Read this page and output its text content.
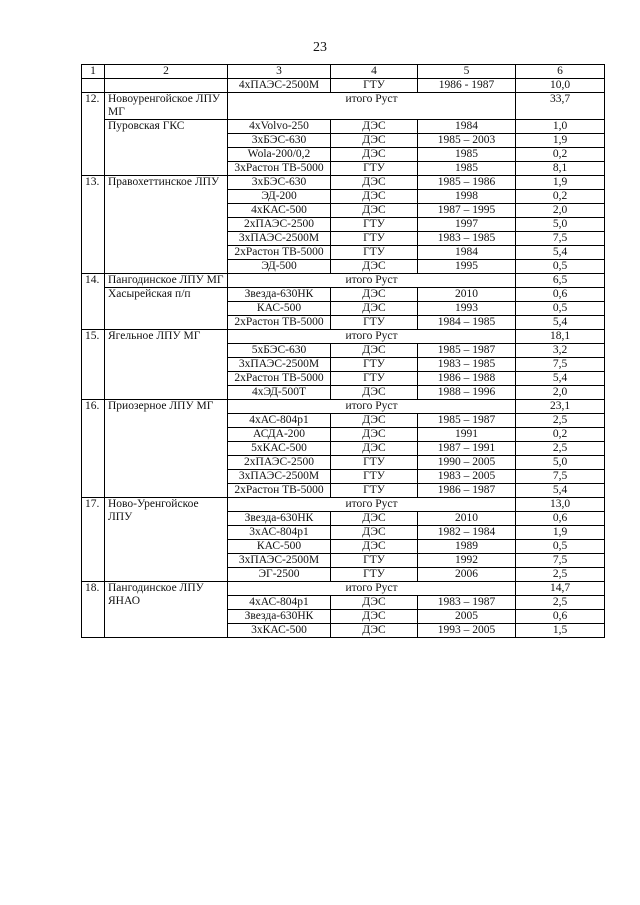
23
1	2	3	4	5	6
		4хПАЭС-2500М	ГТУ	1986 - 1987	10,0
12.	Новоуренгойское ЛПУ МГ	итого Руст			33,7
	Пуровская ГКС	4хVolvo-250	ДЭС	1984	1,0
		3хБЭС-630	ДЭС	1985 – 2003	1,9
		Wola-200/0,2	ДЭС	1985	0,2
		3хРастон ТВ-5000	ГТУ	1985	8,1
13.	Правохеттинское ЛПУ	3хБЭС-630	ДЭС	1985 – 1986	1,9
		ЭД-200	ДЭС	1998	0,2
		4хКАС-500	ДЭС	1987 – 1995	2,0
		2хПАЭС-2500	ГТУ	1997	5,0
		3хПАЭС-2500М	ГТУ	1983 – 1985	7,5
		2хРастон ТВ-5000	ГТУ	1984	5,4
		ЭД-500	ДЭС	1995	0,5
14.	Пангодинское ЛПУ МГ	итого Руст			6,5
	Хасырейская п/п	Звезда-630НК	ДЭС	2010	0,6
		КАС-500	ДЭС	1993	0,5
		2хРастон ТВ-5000	ГТУ	1984 – 1985	5,4
15.	Ягельное ЛПУ МГ	итого Руст			18,1
		5хБЭС-630	ДЭС	1985 – 1987	3,2
		3хПАЭС-2500М	ГТУ	1983 – 1985	7,5
		2хРастон ТВ-5000	ГТУ	1986 – 1988	5,4
		4хЭД-500Т	ДЭС	1988 – 1996	2,0
16.	Приозерное ЛПУ МГ	итого Руст			23,1
		4хАС-804р1	ДЭС	1985 – 1987	2,5
		АСДА-200	ДЭС	1991	0,2
		5хКАС-500	ДЭС	1987 – 1991	2,5
		2хПАЭС-2500	ГТУ	1990 – 2005	5,0
		3хПАЭС-2500М	ГТУ	1983 – 2005	7,5
		2хРастон ТВ-5000	ГТУ	1986 – 1987	5,4
17.	Ново-Уренгойское ЛПУ	итого Руст			13,0
		Звезда-630НК	ДЭС	2010	0,6
		3хАС-804р1	ДЭС	1982 – 1984	1,9
		КАС-500	ДЭС	1989	0,5
		3хПАЭС-2500М	ГТУ	1992	7,5
		ЭГ-2500	ГТУ	2006	2,5
18.	Пангодинское ЛПУ ЯНАО	итого Руст			14,7
		4хАС-804р1	ДЭС	1983 – 1987	2,5
		Звезда-630НК	ДЭС	2005	0,6
		3хКАС-500	ДЭС	1993 – 2005	1,5
